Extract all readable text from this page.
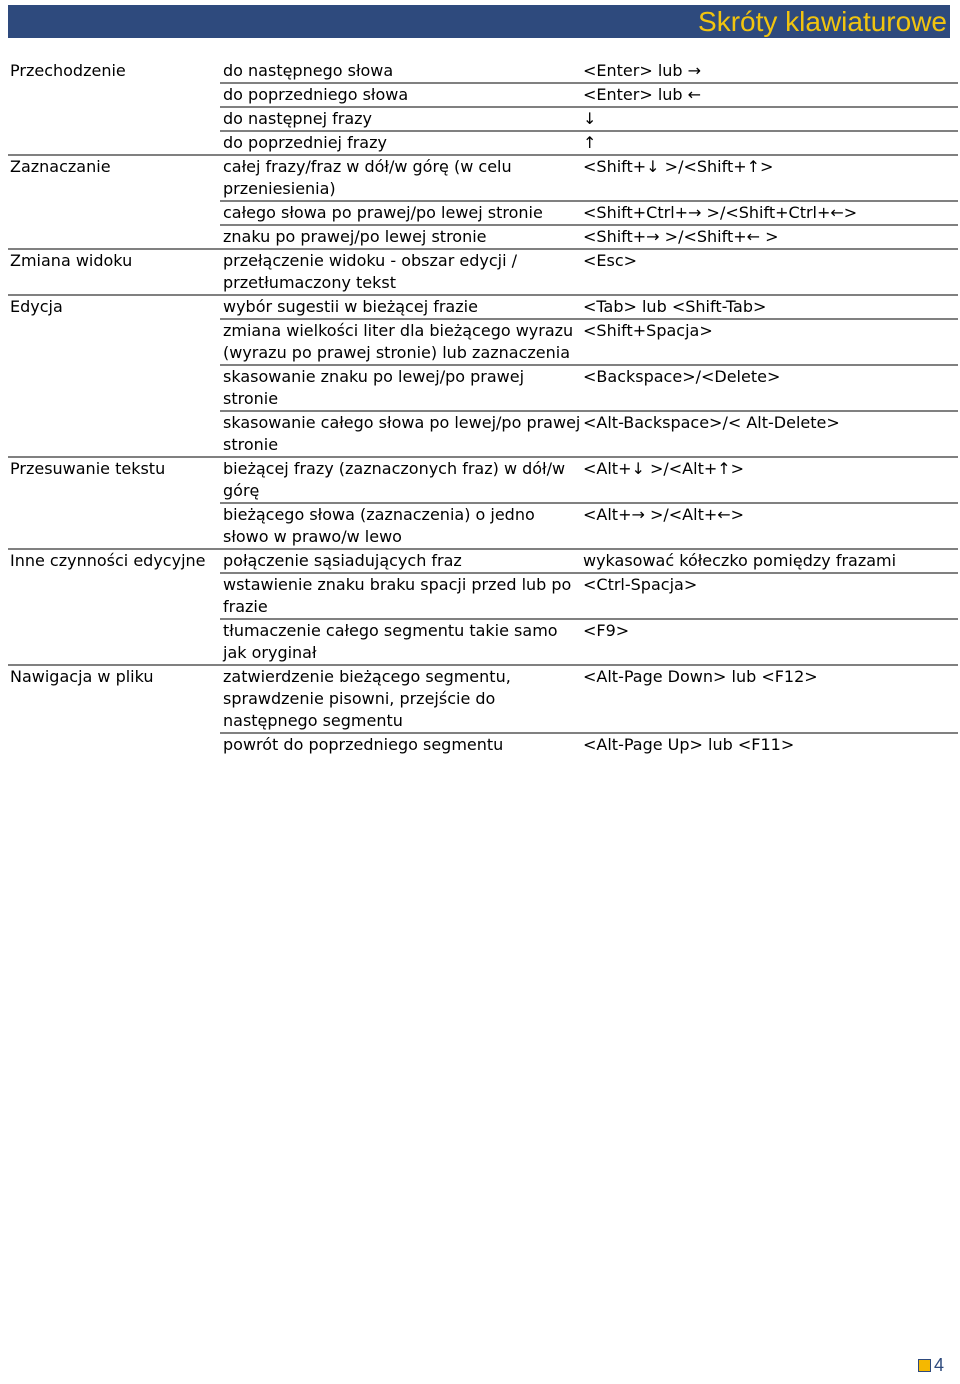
Skróty klawiaturowe
Przechodzenie	do następnego słowa	<Enter> lub →
	do poprzedniego słowa	<Enter> lub ←
	do następnej frazy	↓
	do poprzedniej frazy	↑
Zaznaczanie	całej frazy/fraz w dół/w górę (w celu przeniesienia)	<Shift+↓ >/<Shift+↑>
	całego słowa po prawej/po lewej stronie	<Shift+Ctrl+→ >/<Shift+Ctrl+←>
	znaku po prawej/po lewej stronie	<Shift+→ >/<Shift+← >
Zmiana widoku	przełączenie widoku - obszar edycji / przetłumaczony tekst	<Esc>
Edycja	wybór sugestii w bieżącej frazie	<Tab> lub <Shift-Tab>
	zmiana wielkości liter dla bieżącego wyrazu (wyrazu po prawej stronie) lub zaznaczenia	<Shift+Spacja>
	skasowanie znaku po lewej/po prawej stronie	<Backspace>/<Delete>
	skasowanie całego słowa po lewej/po prawej stronie	<Alt-Backspace>/< Alt-Delete>
Przesuwanie tekstu	bieżącej frazy (zaznaczonych fraz) w dół/w górę	<Alt+↓ >/<Alt+↑>
	bieżącego słowa (zaznaczenia) o jedno słowo w prawo/w lewo	<Alt+→ >/<Alt+←>
Inne czynności edycyjne	połączenie sąsiadujących fraz	wykasować kółeczko pomiędzy frazami
	wstawienie znaku braku spacji przed lub po frazie	<Ctrl-Spacja>
	tłumaczenie całego segmentu takie samo jak oryginał	<F9>
Nawigacja w pliku	zatwierdzenie bieżącego segmentu, sprawdzenie pisowni, przejście do następnego segmentu	<Alt-Page Down> lub <F12>
	powrót do poprzedniego segmentu	<Alt-Page Up> lub <F11>
4
